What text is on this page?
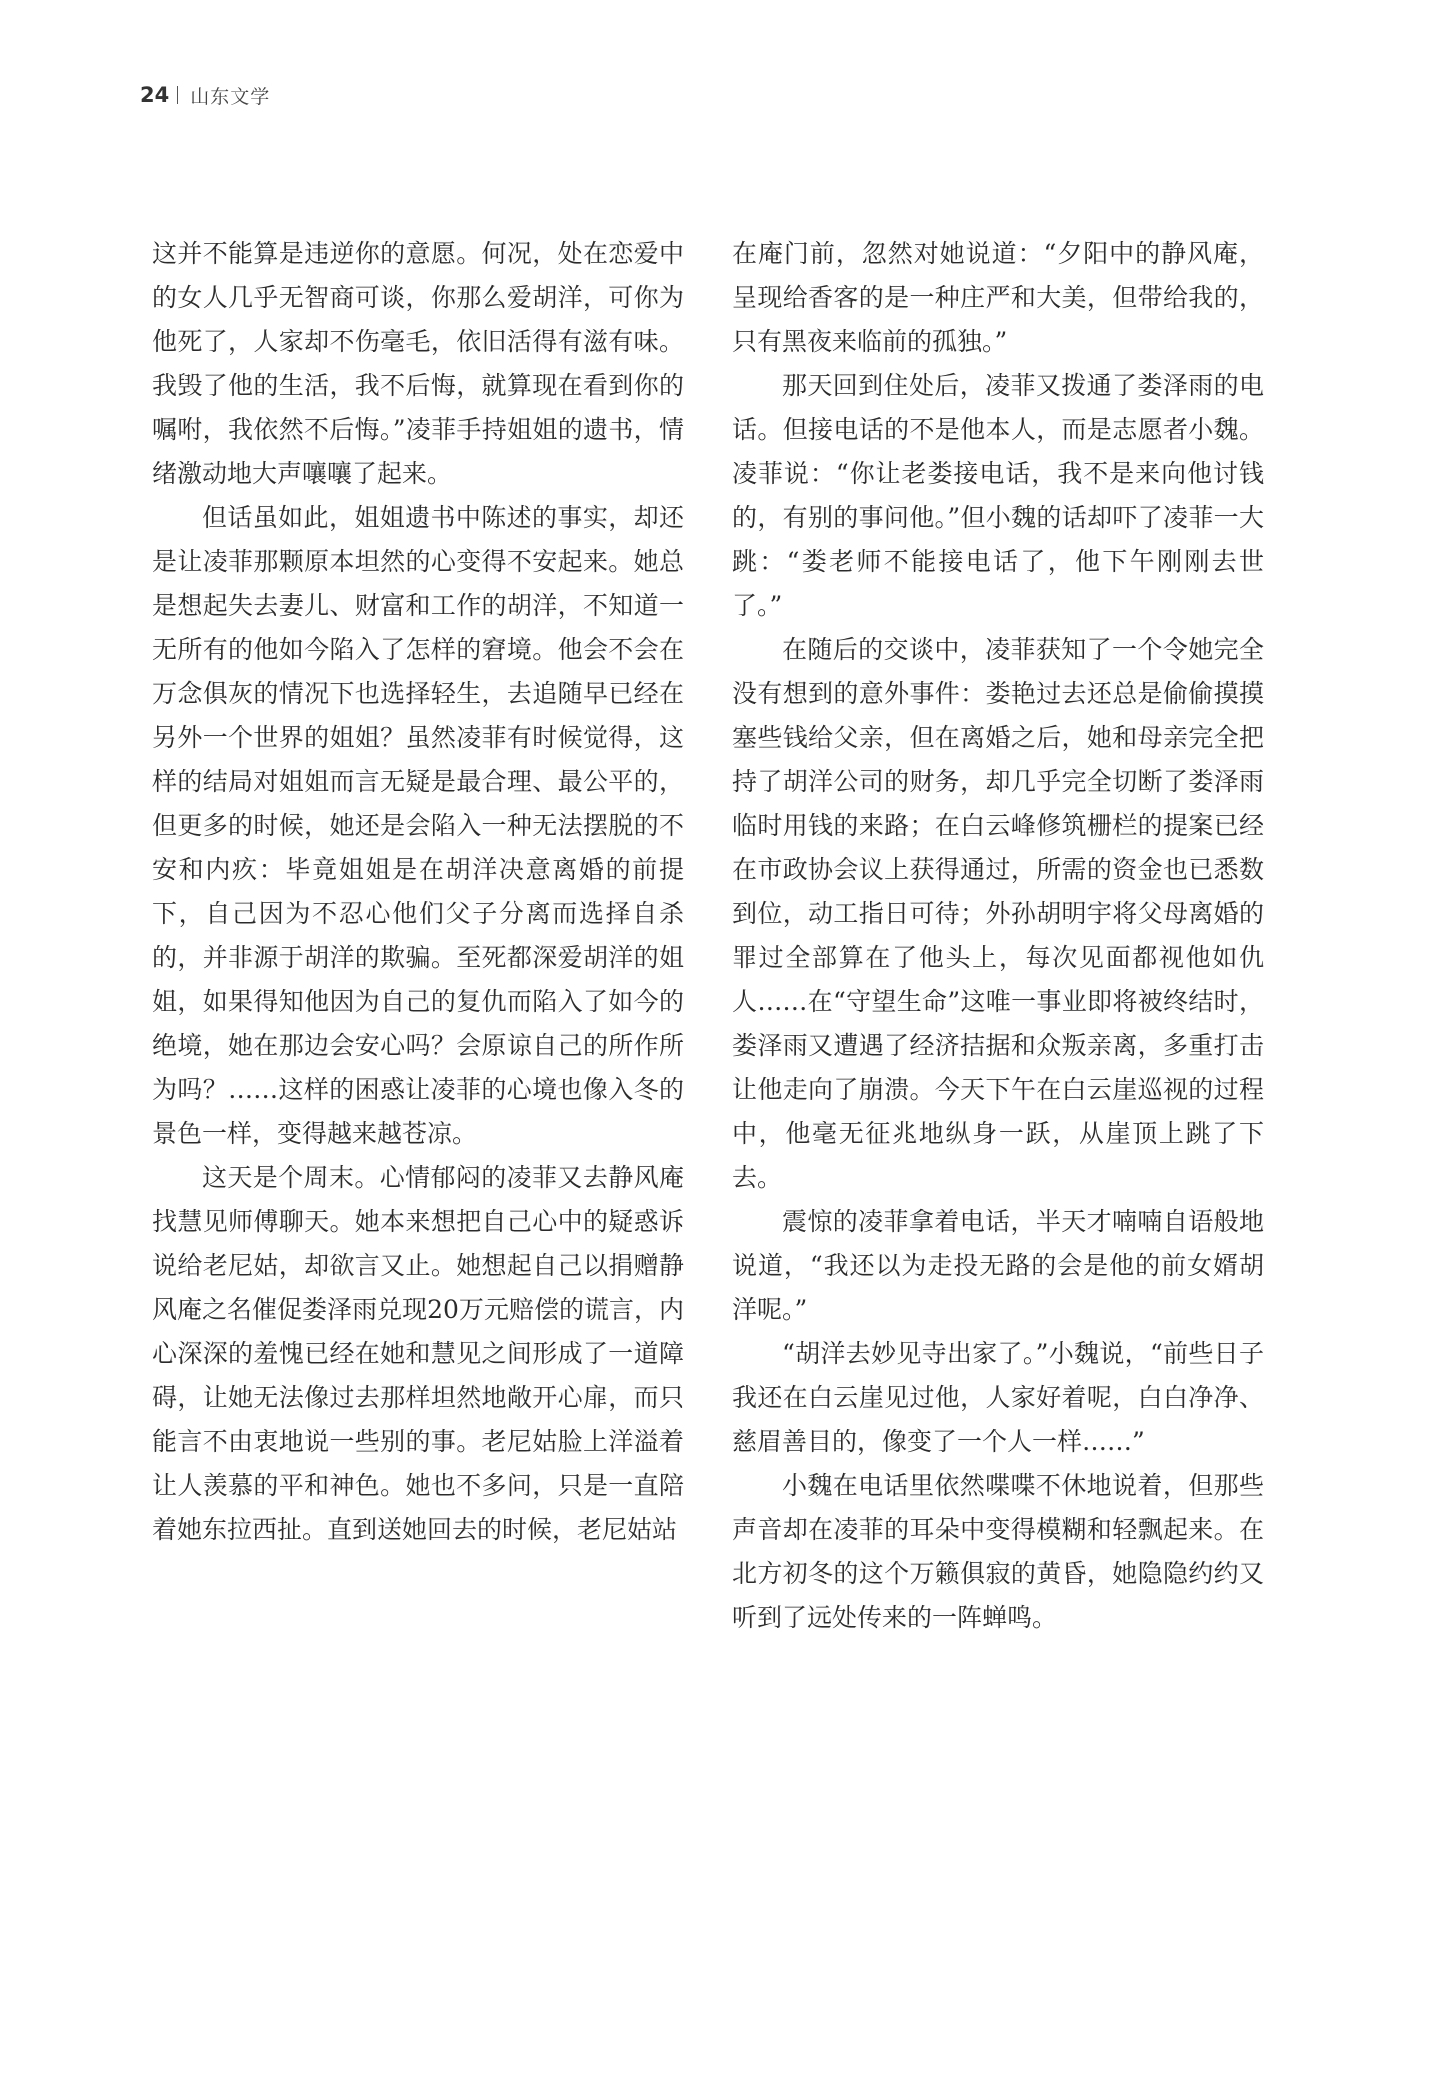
24 山东文学

这并不能算是违逆你的意愿。何况，处在恋爱中的女人几乎无智商可谈，你那么爱胡洋，可你为他死了，人家却不伤毫毛，依旧活得有滋有味。我毁了他的生活，我不后悔，就算现在看到你的嘱咐，我依然不后悔。”凌菲手持姐姐的遗书，情绪激动地大声嚷嚷了起来。

但话虽如此，姐姐遗书中陈述的事实，却还是让凌菲那颗原本坦然的心变得不安起来。她总是想起失去妻儿、财富和工作的胡洋，不知道一无所有的他如今陷入了怎样的窘境。他会不会在万念俱灰的情况下也选择轻生，去追随早已经在另外一个世界的姐姐？虽然凌菲有时候觉得，这样的结局对姐姐而言无疑是最合理、最公平的，但更多的时候，她还是会陷入一种无法摆脱的不安和内疚：毕竟姐姐是在胡洋决意离婚的前提下，自己因为不忍心他们父子分离而选择自杀的，并非源于胡洋的欺骗。至死都深爱胡洋的姐姐，如果得知他因为自己的复仇而陷入了如今的绝境，她在那边会安心吗？会原谅自己的所作所为吗？……这样的困惑让凌菲的心境也像入冬的景色一样，变得越来越苍凉。

这天是个周末。心情郁闷的凌菲又去静风庵找慧见师傅聊天。她本来想把自己心中的疑惑诉说给老尼姑，却欲言又止。她想起自己以捐赠静风庵之名催促娄泽雨兑现20万元赔偿的谎言，内心深深的羞愧已经在她和慧见之间形成了一道障碍，让她无法像过去那样坦然地敞开心扉，而只能言不由衷地说一些别的事。老尼姑脸上洋溢着让人羡慕的平和神色。她也不多问，只是一直陪着她东拉西扯。直到送她回去的时候，老尼姑站

在庵门前，忽然对她说道：“夕阳中的静风庵，呈现给香客的是一种庄严和大美，但带给我的，只有黑夜来临前的孤独。”

那天回到住处后，凌菲又拨通了娄泽雨的电话。但接电话的不是他本人，而是志愿者小魏。凌菲说：“你让老娄接电话，我不是来向他讨钱的，有别的事问他。”但小魏的话却吓了凌菲一大跳：“娄老师不能接电话了，他下午刚刚去世了。”

在随后的交谈中，凌菲获知了一个令她完全没有想到的意外事件：娄艳过去还总是偷偷摸摸塞些钱给父亲，但在离婚之后，她和母亲完全把持了胡洋公司的财务，却几乎完全切断了娄泽雨临时用钱的来路；在白云峰修筑栅栏的提案已经在市政协会议上获得通过，所需的资金也已悉数到位，动工指日可待；外孙胡明宇将父母离婚的罪过全部算在了他头上，每次见面都视他如仇人……在“守望生命”这唯一事业即将被终结时，娄泽雨又遭遇了经济拮据和众叛亲离，多重打击让他走向了崩溃。今天下午在白云崖巡视的过程中，他毫无征兆地纵身一跃，从崖顶上跳了下去。

震惊的凌菲拿着电话，半天才喃喃自语般地说道，“我还以为走投无路的会是他的前女婿胡洋呢。”

“胡洋去妙见寺出家了。”小魏说，“前些日子我还在白云崖见过他，人家好着呢，白白净净、慈眉善目的，像变了一个人一样……”

小魏在电话里依然喋喋不休地说着，但那些声音却在凌菲的耳朵中变得模糊和轻飘起来。在北方初冬的这个万籁俱寂的黄昏，她隐隐约约又听到了远处传来的一阵蝉鸣。
